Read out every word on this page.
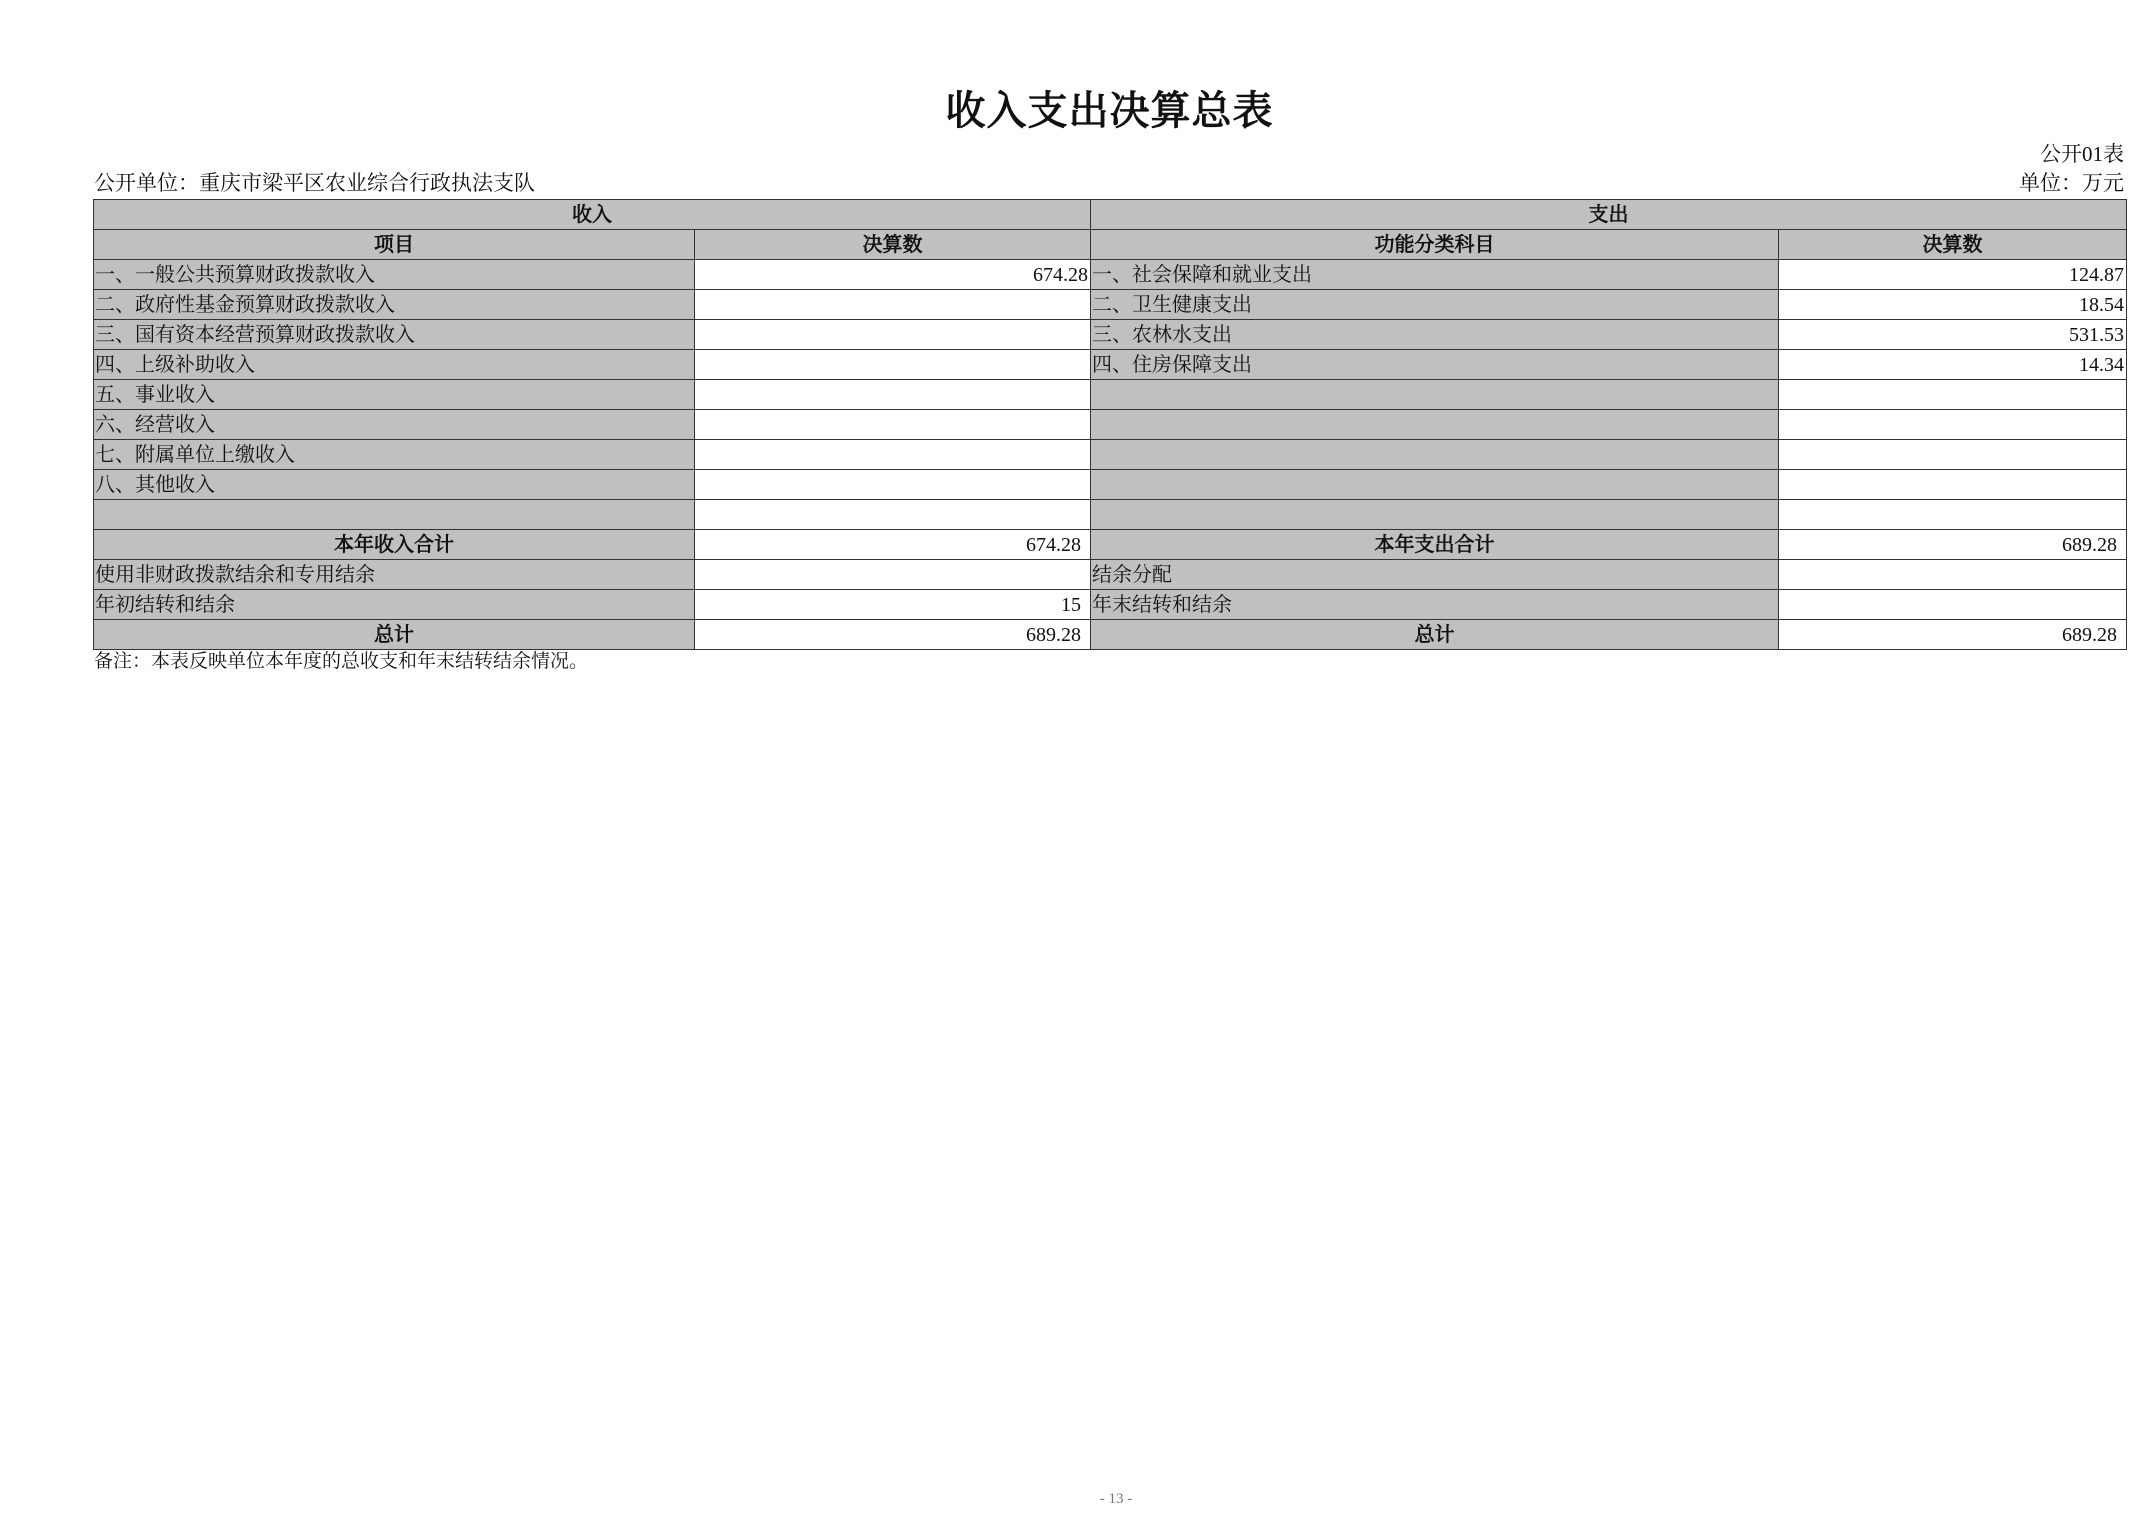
收入支出决算总表
公开01表
公开单位：重庆市梁平区农业综合行政执法支队	单位：万元
收入		支出	
项目	决算数	功能分类科目	决算数
一、一般公共预算财政拨款收入	674.28	一、社会保障和就业支出	124.87
二、政府性基金预算财政拨款收入		二、卫生健康支出	18.54
三、国有资本经营预算财政拨款收入		三、农林水支出	531.53
四、上级补助收入		四、住房保障支出	14.34
五、事业收入			
六、经营收入			
七、附属单位上缴收入			
八、其他收入			

本年收入合计	674.28	本年支出合计	689.28
使用非财政拨款结余和专用结余		结余分配	
年初结转和结余	15	年末结转和结余	
总计	689.28	总计	689.28
备注：本表反映单位本年度的总收支和年末结转结余情况。
- 13 -
